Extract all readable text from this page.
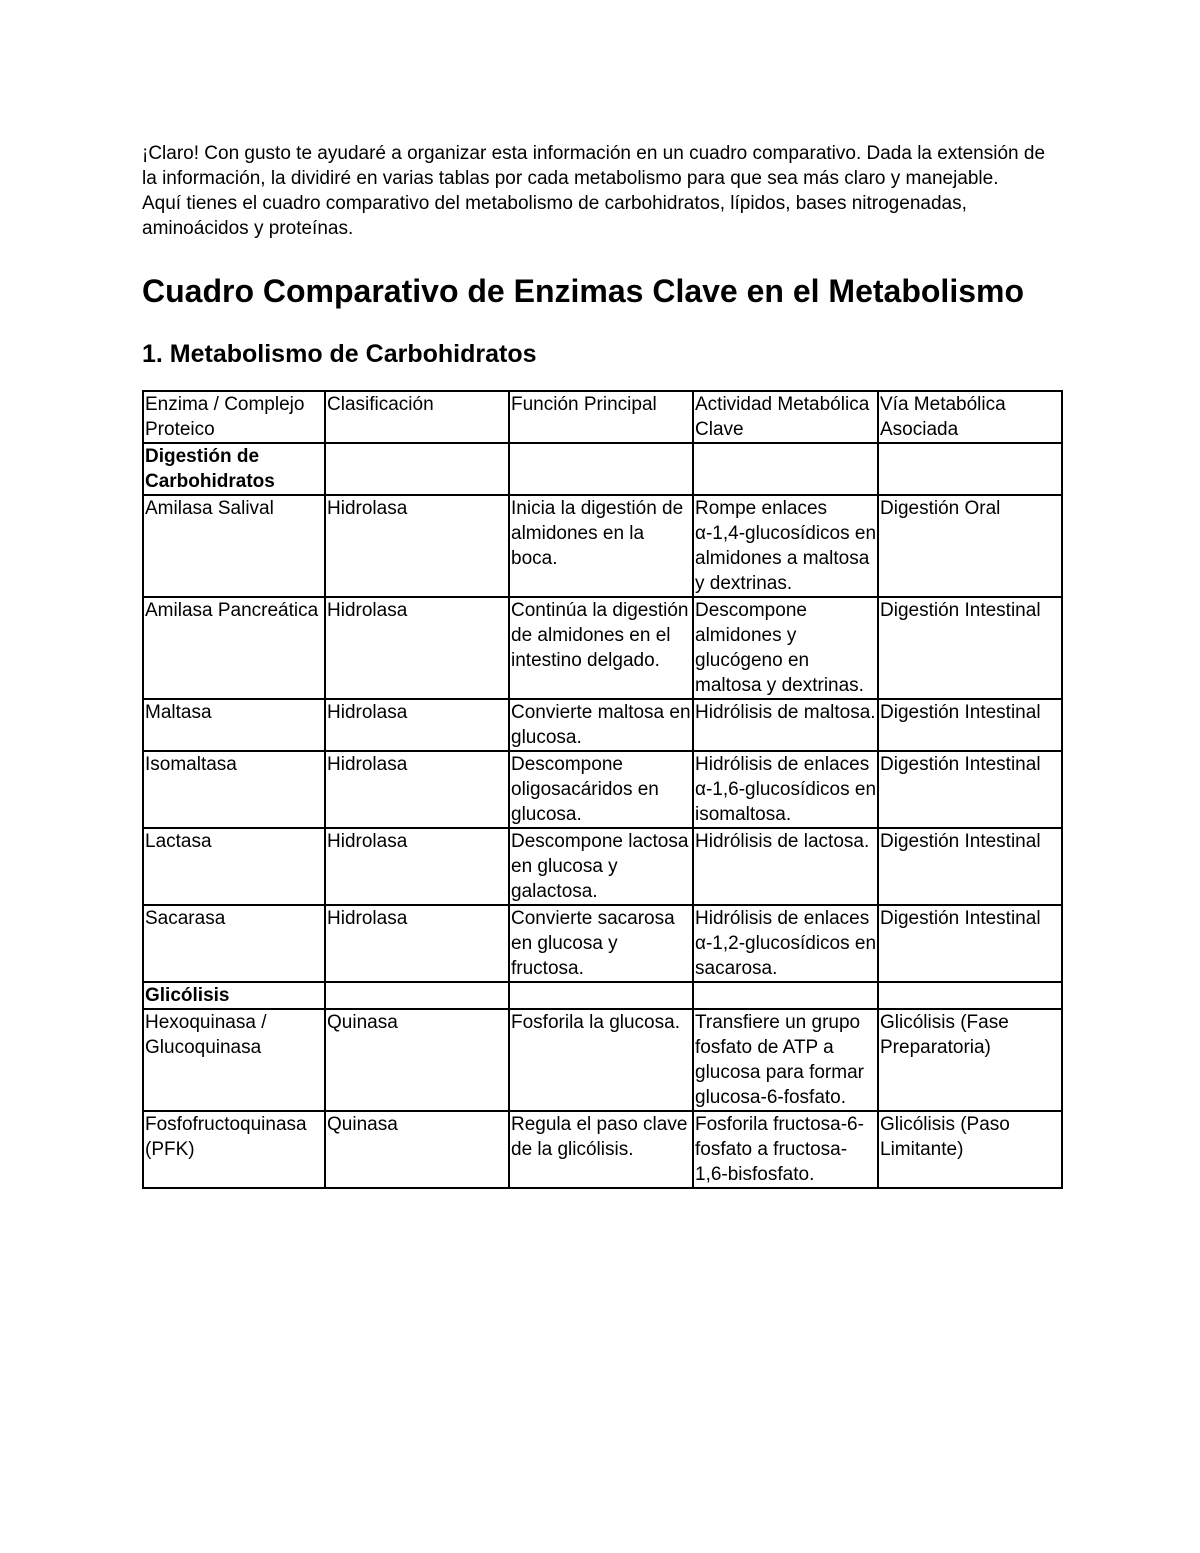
¡Claro! Con gusto te ayudaré a organizar esta información en un cuadro comparativo. Dada la extensión de la información, la dividiré en varias tablas por cada metabolismo para que sea más claro y manejable.

Aquí tienes el cuadro comparativo del metabolismo de carbohidratos, lípidos, bases nitrogenadas, aminoácidos y proteínas.

Cuadro Comparativo de Enzimas Clave en el Metabolismo
1. Metabolismo de Carbohidratos
Enzima / Complejo Proteico	Clasificación	Función Principal	Actividad Metabólica Clave	Vía Metabólica Asociada
Digestión de Carbohidratos				
Amilasa Salival	Hidrolasa	Inicia la digestión de almidones en la boca.	Rompe enlaces α-1,4-glucosídicos en almidones a maltosa y dextrinas.	Digestión Oral
Amilasa Pancreática	Hidrolasa	Continúa la digestión de almidones en el intestino delgado.	Descompone almidones y glucógeno en maltosa y dextrinas.	Digestión Intestinal
Maltasa	Hidrolasa	Convierte maltosa en glucosa.	Hidrólisis de maltosa.	Digestión Intestinal
Isomaltasa	Hidrolasa	Descompone oligosacáridos en glucosa.	Hidrólisis de enlaces α-1,6-glucosídicos en isomaltosa.	Digestión Intestinal
Lactasa	Hidrolasa	Descompone lactosa en glucosa y galactosa.	Hidrólisis de lactosa.	Digestión Intestinal
Sacarasa	Hidrolasa	Convierte sacarosa en glucosa y fructosa.	Hidrólisis de enlaces α-1,2-glucosídicos en sacarosa.	Digestión Intestinal
Glicólisis				
Hexoquinasa / Glucoquinasa	Quinasa	Fosforila la glucosa.	Transfiere un grupo fosfato de ATP a glucosa para formar glucosa-6-fosfato.	Glicólisis (Fase Preparatoria)
Fosfofructoquinasa (PFK)	Quinasa	Regula el paso clave de la glicólisis.	Fosforila fructosa-6-fosfato a fructosa-1,6-bisfosfato.	Glicólisis (Paso Limitante)
